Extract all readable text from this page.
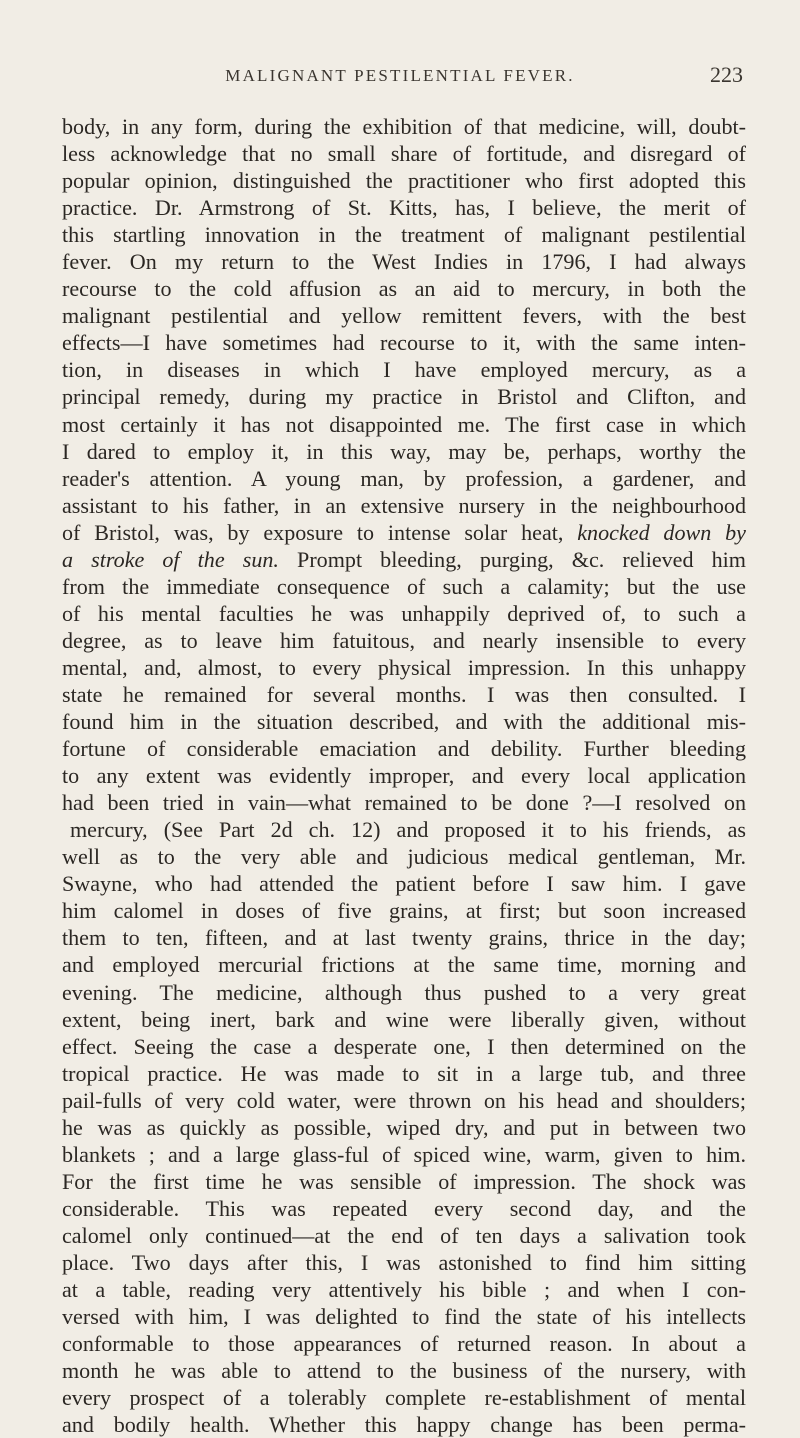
MALIGNANT PESTILENTIAL FEVER.	223
body, in any form, during the exhibition of that medicine, will, doubt-
less acknowledge that no small share of fortitude, and disregard of
popular opinion, distinguished the practitioner who first adopted this
practice. Dr. Armstrong of St. Kitts, has, I believe, the merit of
this startling innovation in the treatment of malignant pestilential
fever. On my return to the West Indies in 1796, I had always
recourse to the cold affusion as an aid to mercury, in both the
malignant pestilential and yellow remittent fevers, with the best
effects—I have sometimes had recourse to it, with the same inten-
tion, in diseases in which I have employed mercury, as a
principal remedy, during my practice in Bristol and Clifton, and
most certainly it has not disappointed me. The first case in which
I dared to employ it, in this way, may be, perhaps, worthy the
reader's attention. A young man, by profession, a gardener, and
assistant to his father, in an extensive nursery in the neighbourhood
of Bristol, was, by exposure to intense solar heat, knocked down by
a stroke of the sun. Prompt bleeding, purging, &c. relieved him
from the immediate consequence of such a calamity; but the use
of his mental faculties he was unhappily deprived of, to such a
degree, as to leave him fatuitous, and nearly insensible to every
mental, and, almost, to every physical impression. In this unhappy
state he remained for several months. I was then consulted. I
found him in the situation described, and with the additional mis-
fortune of considerable emaciation and debility. Further bleeding
to any extent was evidently improper, and every local application
had been tried in vain—what remained to be done ?—I resolved on
mercury, (See Part 2d ch. 12) and proposed it to his friends, as
well as to the very able and judicious medical gentleman, Mr.
Swayne, who had attended the patient before I saw him. I gave
him calomel in doses of five grains, at first; but soon increased
them to ten, fifteen, and at last twenty grains, thrice in the day;
and employed mercurial frictions at the same time, morning and
evening. The medicine, although thus pushed to a very great
extent, being inert, bark and wine were liberally given, without
effect. Seeing the case a desperate one, I then determined on the
tropical practice. He was made to sit in a large tub, and three
pail-fulls of very cold water, were thrown on his head and shoulders;
he was as quickly as possible, wiped dry, and put in between two
blankets ; and a large glass-ful of spiced wine, warm, given to him.
For the first time he was sensible of impression. The shock was
considerable. This was repeated every second day, and the
calomel only continued—at the end of ten days a salivation took
place. Two days after this, I was astonished to find him sitting
at a table, reading very attentively his bible ; and when I con-
versed with him, I was delighted to find the state of his intellects
conformable to those appearances of returned reason. In about a
month he was able to attend to the business of the nursery, with
every prospect of a tolerably complete re-establishment of mental
and bodily health. Whether this happy change has been perma-
